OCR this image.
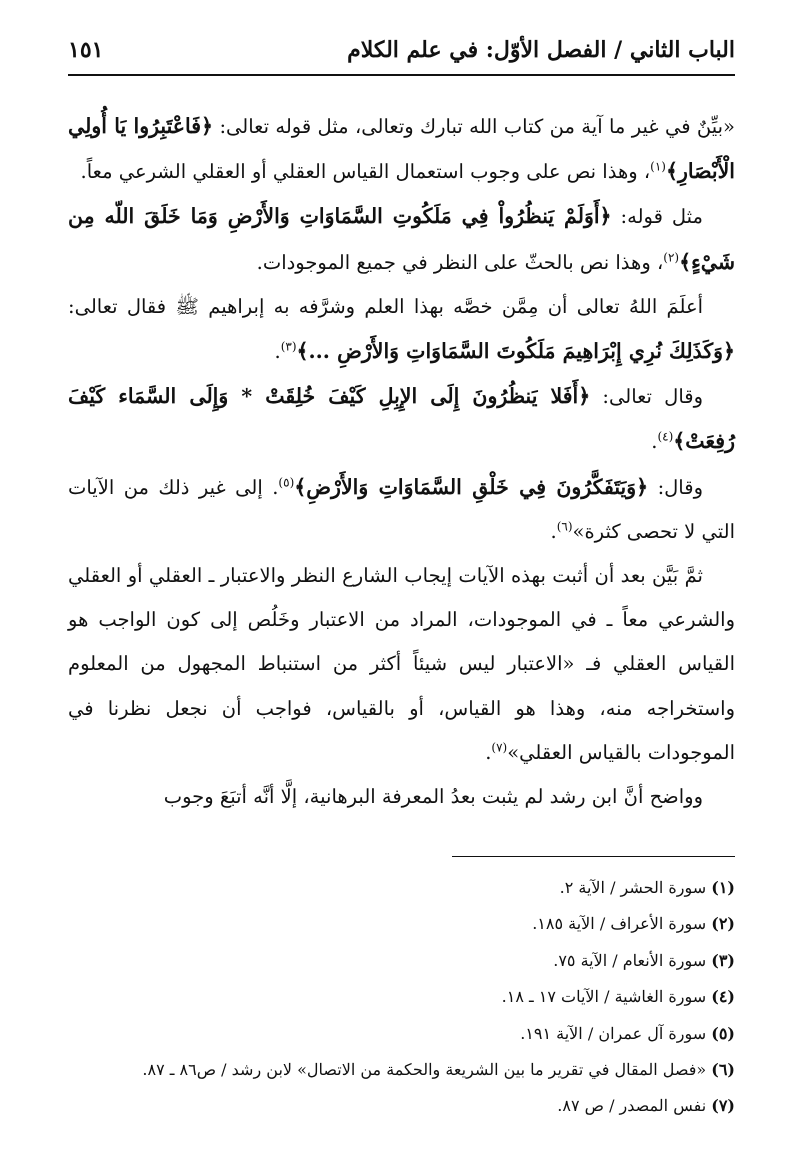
الباب الثاني / الفصل الأوّل: في علم الكلام
١٥١

«بيِّنٌ في غير ما آية من كتاب الله تبارك وتعالى، مثل قوله تعالى: ﴿فَاعْتَبِرُوا يَا أُولِي الْأَبْصَارِ﴾$^{(١)}$، وهذا نص على وجوب استعمال القياس العقلي أو العقلي الشرعي معاً.

مثل قوله: ﴿أَوَلَمْ يَنظُرُواْ فِي مَلَكُوتِ السَّمَاوَاتِ وَالأَرْضِ وَمَا خَلَقَ اللّه مِن شَيْءٍ﴾$^{(٢)}$، وهذا نص بالحثّ على النظر في جميع الموجودات.

أعلَمَ اللهُ تعالى أن مِمَّن خصَّه بهذا العلم وشرَّفه به إبراهيم ﷺ فقال تعالى: ﴿وَكَذَلِكَ نُرِي إِبْرَاهِيمَ مَلَكُوتَ السَّمَاوَاتِ وَالأَرْضِ ...﴾$^{(٣)}$.

وقال تعالى: ﴿أَفَلا يَنظُرُونَ إِلَى الإِبِلِ كَيْفَ خُلِقَتْ * وَإِلَى السَّمَاء كَيْفَ رُفِعَتْ﴾$^{(٤)}$.

وقال: ﴿وَيَتَفَكَّرُونَ فِي خَلْقِ السَّمَاوَاتِ وَالأَرْضِ﴾$^{(٥)}$. إلى غير ذلك من الآيات التي لا تحصى كثرة»$^{(٦)}$.

ثمَّ بَيَّن بعد أن أثبت بهذه الآيات إيجاب الشارع النظر والاعتبار ـ العقلي أو العقلي والشرعي معاً ـ في الموجودات، المراد من الاعتبار وخَلُص إلى كون الواجب هو القياس العقلي فـ «الاعتبار ليس شيئاً أكثر من استنباط المجهول من المعلوم واستخراجه منه، وهذا هو القياس، أو بالقياس، فواجب أن نجعل نظرنا في الموجودات بالقياس العقلي»$^{(٧)}$.

وواضح أنَّ ابن رشد لم يثبت بعدُ المعرفة البرهانية، إلَّا أنَّه أتبَعَ وجوب

(١) سورة الحشر / الآية ٢.
(٢) سورة الأعراف / الآية ١٨٥.
(٣) سورة الأنعام / الآية ٧٥.
(٤) سورة الغاشية / الآيات ١٧ ـ ١٨.
(٥) سورة آل عمران / الآية ١٩١.
(٦) «فصل المقال في تقرير ما بين الشريعة والحكمة من الاتصال» لابن رشد / ص٨٦ ـ ٨٧.
(٧) نفس المصدر / ص ٨٧.
